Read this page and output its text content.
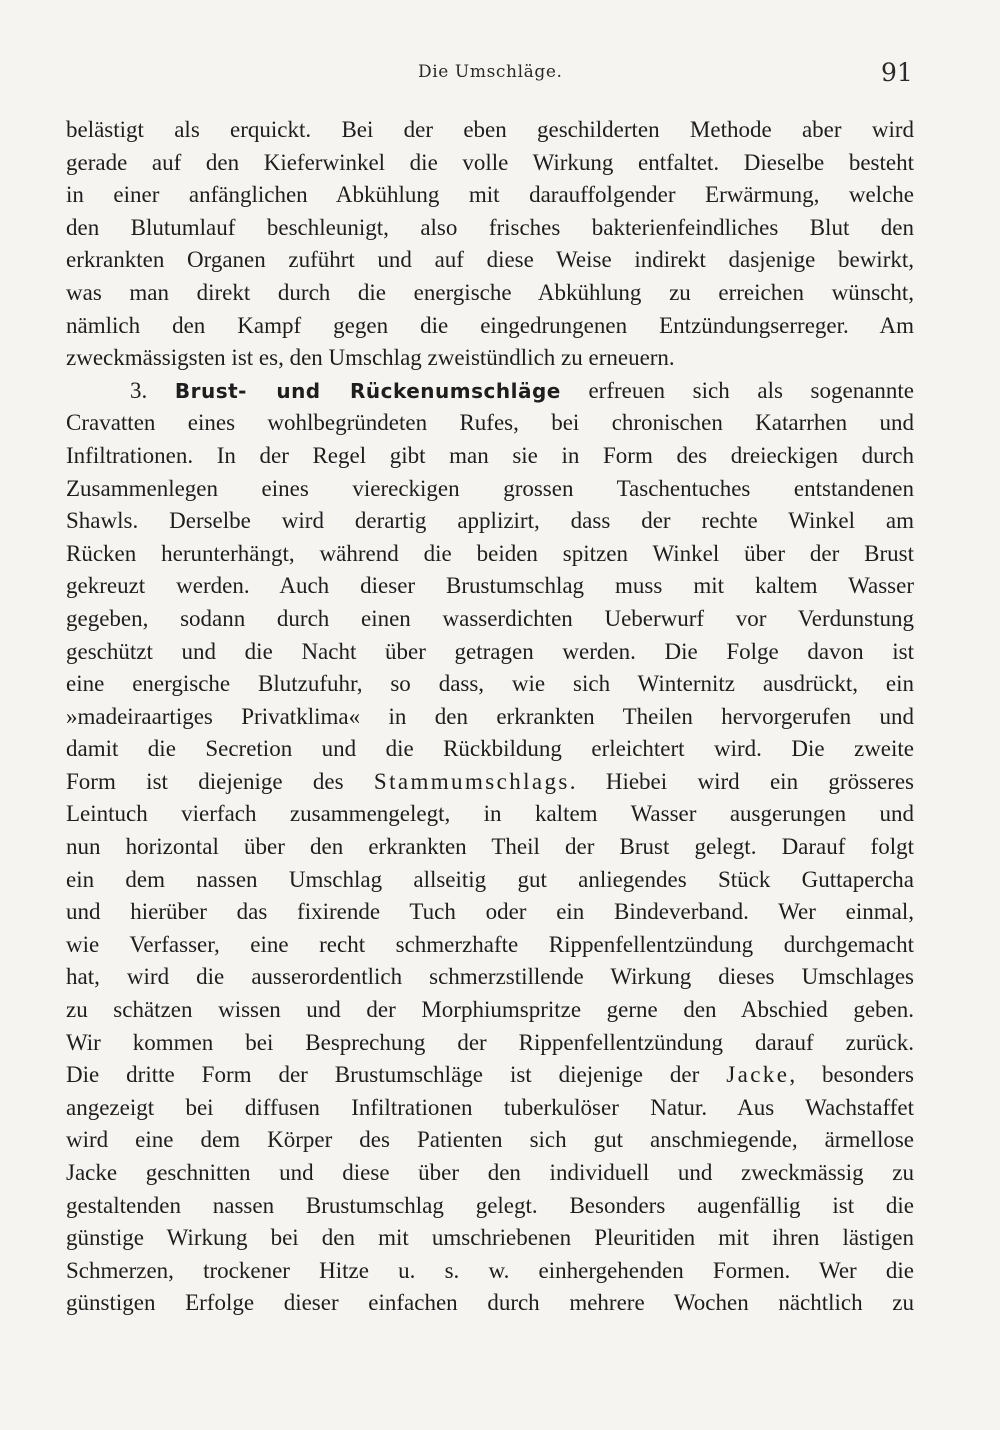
Die Umschläge.	91
belästigt als erquickt. Bei der eben geschilderten Methode aber wird
gerade auf den Kieferwinkel die volle Wirkung entfaltet. Dieselbe besteht
in einer anfänglichen Abkühlung mit darauffolgender Erwärmung, welche
den Blutumlauf beschleunigt, also frisches bakterienfeindliches Blut den
erkrankten Organen zuführt und auf diese Weise indirekt dasjenige bewirkt,
was man direkt durch die energische Abkühlung zu erreichen wünscht,
nämlich den Kampf gegen die eingedrungenen Entzündungserreger. Am
zweckmässigsten ist es, den Umschlag zweistündlich zu erneuern.
3. Brust- und Rückenumschläge erfreuen sich als sogenannte
Cravatten eines wohlbegründeten Rufes, bei chronischen Katarrhen und
Infiltrationen. In der Regel gibt man sie in Form des dreieckigen durch
Zusammenlegen eines viereckigen grossen Taschentuches entstandenen
Shawls. Derselbe wird derartig applizirt, dass der rechte Winkel am
Rücken herunterhängt, während die beiden spitzen Winkel über der Brust
gekreuzt werden. Auch dieser Brustumschlag muss mit kaltem Wasser
gegeben, sodann durch einen wasserdichten Ueberwurf vor Verdunstung
geschützt und die Nacht über getragen werden. Die Folge davon ist
eine energische Blutzufuhr, so dass, wie sich Winternitz ausdrückt, ein
»madeiraartiges Privatklima« in den erkrankten Theilen hervorgerufen und
damit die Secretion und die Rückbildung erleichtert wird. Die zweite
Form ist diejenige des Stammumschlags. Hiebei wird ein grösseres
Leintuch vierfach zusammengelegt, in kaltem Wasser ausgerungen und
nun horizontal über den erkrankten Theil der Brust gelegt. Darauf folgt
ein dem nassen Umschlag allseitig gut anliegendes Stück Guttapercha
und hierüber das fixirende Tuch oder ein Bindeverband. Wer einmal,
wie Verfasser, eine recht schmerzhafte Rippenfellentzündung durchgemacht
hat, wird die ausserordentlich schmerzstillende Wirkung dieses Umschlages
zu schätzen wissen und der Morphiumspritze gerne den Abschied geben.
Wir kommen bei Besprechung der Rippenfellentzündung darauf zurück.
Die dritte Form der Brustumschläge ist diejenige der Jacke, besonders
angezeigt bei diffusen Infiltrationen tuberkulöser Natur. Aus Wachstaffet
wird eine dem Körper des Patienten sich gut anschmiegende, ärmellose
Jacke geschnitten und diese über den individuell und zweckmässig zu
gestaltenden nassen Brustumschlag gelegt. Besonders augenfällig ist die
günstige Wirkung bei den mit umschriebenen Pleuritiden mit ihren lästigen
Schmerzen, trockener Hitze u. s. w. einhergehenden Formen. Wer die
günstigen Erfolge dieser einfachen durch mehrere Wochen nächtlich zu
